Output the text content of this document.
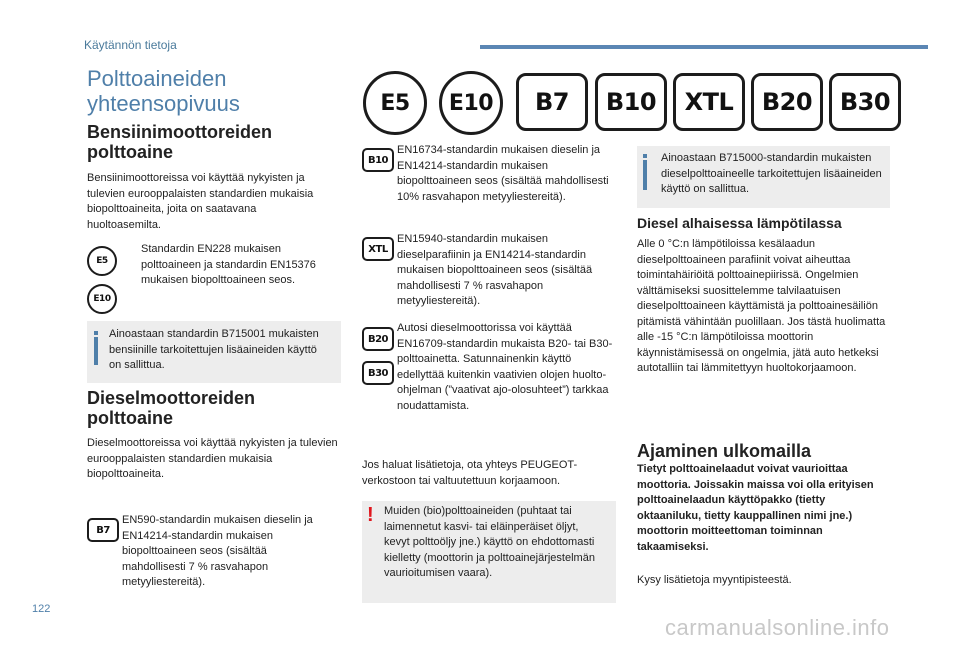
Käytännön tietoja
Polttoaineiden
yhteensopivuus	E5	E10	B7	B10	XTL	B20	B30
Bensiinimoottoreiden
polttoaine
Bensiinimoottoreissa voi käyttää nykyisten ja tulevien eurooppalaisten standardien mukaisia biopolttoaineita, joita on saatavana huoltoasemilta.
E5
E10
Standardin EN228 mukaisen polttoaineen ja standardin EN15376 mukaisen biopolttoaineen seos.
Ainoastaan standardin B715001 mukaisten bensiinille tarkoitettujen lisäaineiden käyttö on sallittua.
Dieselmoottoreiden
polttoaine
Dieselmoottoreissa voi käyttää nykyisten ja tulevien eurooppalaisten standardien mukaisia biopolttoaineita.
B7
EN590-standardin mukaisen dieselin ja EN14214-standardin mukaisen biopolttoaineen seos (sisältää mahdollisesti 7 % rasvahapon metyyliestereitä).
B10
EN16734-standardin mukaisen dieselin ja EN14214-standardin mukaisen biopolttoaineen seos (sisältää mahdollisesti 10% rasvahapon metyyliestereitä).
XTL
EN15940-standardin mukaisen dieselparafiinin ja EN14214-standardin mukaisen biopolttoaineen seos (sisältää mahdollisesti 7 % rasvahapon metyyliestereitä).
B20
B30
Autosi dieselmoottorissa voi käyttää EN16709-standardin mukaista B20- tai B30-polttoainetta. Satunnainenkin käyttö edellyttää kuitenkin vaativien olojen huolto-ohjelman (”vaativat ajo-olosuhteet”) tarkkaa noudattamista.
Jos haluat lisätietoja, ota yhteys PEUGEOT-verkostoon tai valtuutettuun korjaamoon.
! Muiden (bio)polttoaineiden (puhtaat tai laimennetut kasvi- tai eläinperäiset öljyt, kevyt polttoöljy jne.) käyttö on ehdottomasti kielletty (moottorin ja polttoainejärjestelmän vaurioitumisen vaara).
Ainoastaan B715000-standardin mukaisten dieselpolttoaineelle tarkoitettujen lisäaineiden käyttö on sallittua.
Diesel alhaisessa lämpötilassa
Alle 0 °C:n lämpötiloissa kesälaadun dieselpolttoaineen parafiinit voivat aiheuttaa toimintahäiriöitä polttoainepiirissä. Ongelmien välttämiseksi suosittelemme talvilaatuisen dieselpolttoaineen käyttämistä ja polttoainesäiliön pitämistä vähintään puolillaan. Jos tästä huolimatta alle -15 °C:n lämpötiloissa moottorin käynnistämisessä on ongelmia, jätä auto hetkeksi autotalliin tai lämmitettyyn huoltokorjaamoon.
Ajaminen ulkomailla
Tietyt polttoainelaadut voivat vaurioittaa moottoria. Joissakin maissa voi olla erityisen polttoainelaadun käyttöpakko (tietty oktaaniluku, tietty kauppallinen nimi jne.) moottorin moitteettoman toiminnan takaamiseksi.
Kysy lisätietoja myyntipisteestä.
122
carmanualsonline.info
